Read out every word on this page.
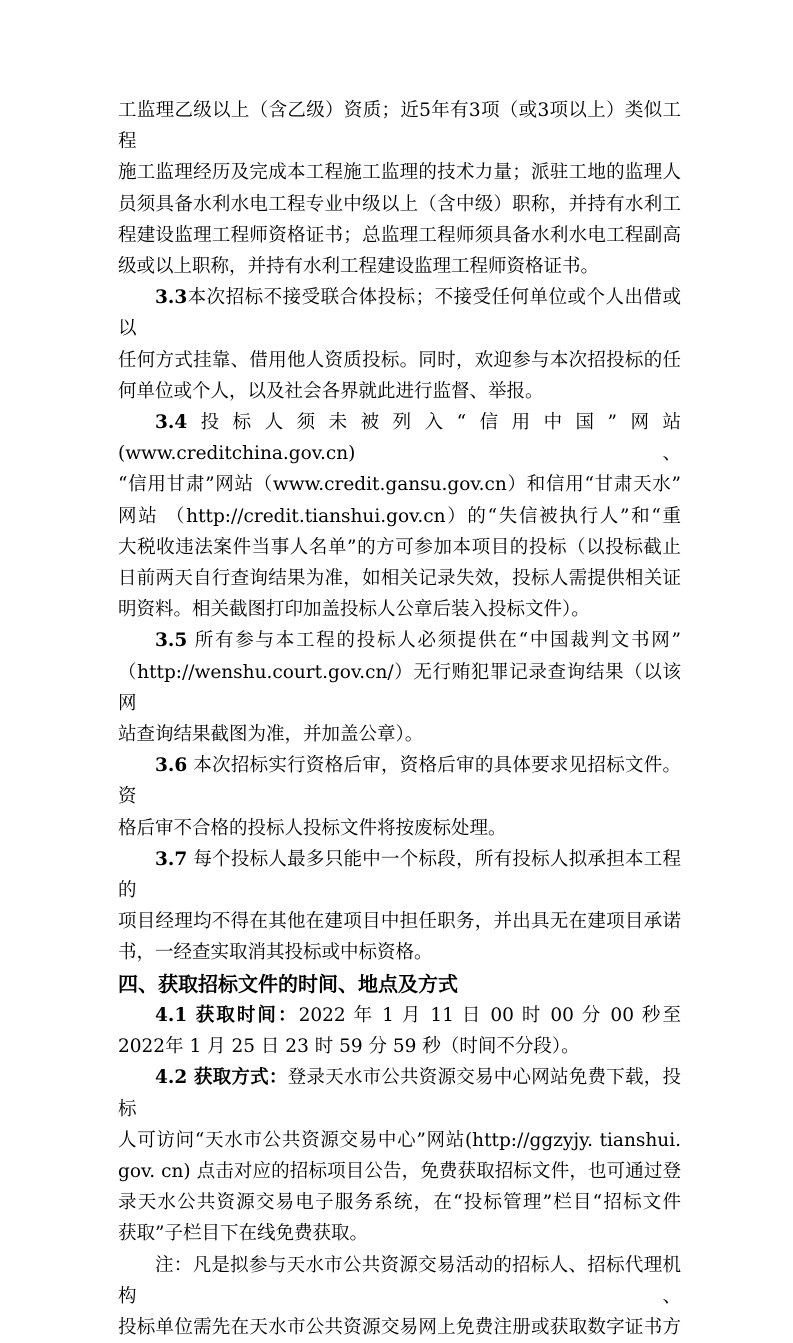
工监理乙级以上（含乙级）资质；近5年有3项（或3项以上）类似工程

施工监理经历及完成本工程施工监理的技术力量；派驻工地的监理人

员须具备水利水电工程专业中级以上（含中级）职称，并持有水利工

程建设监理工程师资格证书；总监理工程师须具备水利水电工程副高

级或以上职称，并持有水利工程建设监理工程师资格证书。

3.3本次招标不接受联合体投标；不接受任何单位或个人出借或以

任何方式挂靠、借用他人资质投标。同时，欢迎参与本次招投标的任

何单位或个人，以及社会各界就此进行监督、举报。

3.4投标人须未被列入“信用中国”网站(www.creditchina.gov.cn)、

“信用甘肃”网站（www.credit.gansu.gov.cn）和信用“甘肃天水”

网站 （http://credit.tianshui.gov.cn）的“失信被执行人”和“重

大税收违法案件当事人名单”的方可参加本项目的投标（以投标截止

日前两天自行查询结果为准，如相关记录失效，投标人需提供相关证

明资料。相关截图打印加盖投标人公章后装入投标文件）。

3.5 所有参与本工程的投标人必须提供在“中国裁判文书网”

（http://wenshu.court.gov.cn/）无行贿犯罪记录查询结果（以该网

站查询结果截图为准，并加盖公章）。

3.6 本次招标实行资格后审，资格后审的具体要求见招标文件。资

格后审不合格的投标人投标文件将按废标处理。

3.7 每个投标人最多只能中一个标段，所有投标人拟承担本工程的

项目经理均不得在其他在建项目中担任职务，并出具无在建项目承诺

书，一经查实取消其投标或中标资格。

四、获取招标文件的时间、地点及方式

4.1 获取时间：2022 年 1 月 11 日 00 时 00 分 00 秒至

2022年 1 月 25 日 23 时 59 分 59 秒（时间不分段）。

4.2 获取方式：登录天水市公共资源交易中心网站免费下载，投标

人可访问“天水市公共资源交易中心”网站(http://ggzyjy. tianshui.

gov. cn) 点击对应的招标项目公告，免费获取招标文件，也可通过登

录天水公共资源交易电子服务系统，在“投标管理”栏目“招标文件

获取”子栏目下在线免费获取。

注：凡是拟参与天水市公共资源交易活动的招标人、招标代理机构、

投标单位需先在天水市公共资源交易网上免费注册或获取数字证书方
